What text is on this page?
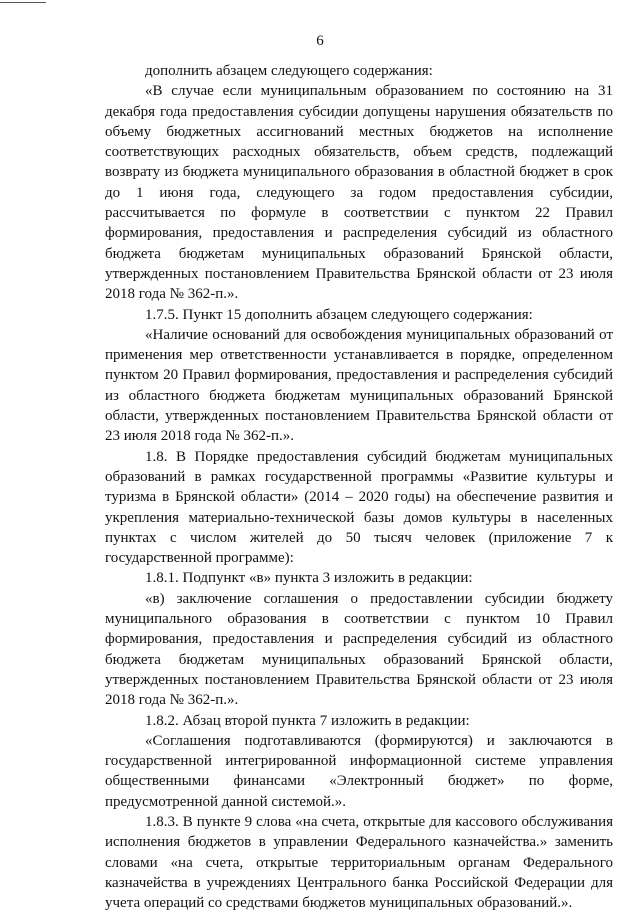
6

дополнить абзацем следующего содержания:

«В случае если муниципальным образованием по состоянию на 31 декабря года предоставления субсидии допущены нарушения обязательств по объему бюджетных ассигнований местных бюджетов на исполнение соответствующих расходных обязательств, объем средств, подлежащий возврату из бюджета муниципального образования в областной бюджет в срок до 1 июня года, следующего за годом предоставления субсидии, рассчитывается по формуле в соответствии с пунктом 22 Правил формирования, предоставления и распределения субсидий из областного бюджета бюджетам муниципальных образований Брянской области, утвержденных постановлением Правительства Брянской области от 23 июля 2018 года № 362-п.».

1.7.5. Пункт 15 дополнить абзацем следующего содержания:

«Наличие оснований для освобождения муниципальных образований от применения мер ответственности устанавливается в порядке, определенном пунктом 20 Правил формирования, предоставления и распределения субсидий из областного бюджета бюджетам муниципальных образований Брянской области, утвержденных постановлением Правительства Брянской области от 23 июля 2018 года № 362-п.».

1.8. В Порядке предоставления субсидий бюджетам муниципальных образований в рамках государственной программы «Развитие культуры и туризма в Брянской области» (2014 – 2020 годы) на обеспечение развития и укрепления материально-технической базы домов культуры в населенных пунктах с числом жителей до 50 тысяч человек (приложение 7 к государственной программе):

1.8.1. Подпункт «в» пункта 3 изложить в редакции:

«в) заключение соглашения о предоставлении субсидии бюджету муниципального образования в соответствии с пунктом 10 Правил формирования, предоставления и распределения субсидий из областного бюджета бюджетам муниципальных образований Брянской области, утвержденных постановлением Правительства Брянской области от 23 июля 2018 года № 362-п.».

1.8.2. Абзац второй пункта 7 изложить в редакции:

«Соглашения подготавливаются (формируются) и заключаются в государственной интегрированной информационной системе управления общественными финансами «Электронный бюджет» по форме, предусмотренной данной системой.».

1.8.3. В пункте 9 слова «на счета, открытые для кассового обслуживания исполнения бюджетов в управлении Федерального казначейства.» заменить словами «на счета, открытые территориальным органам Федерального казначейства в учреждениях Центрального банка Российской Федерации для учета операций со средствами бюджетов муниципальных образований.».
